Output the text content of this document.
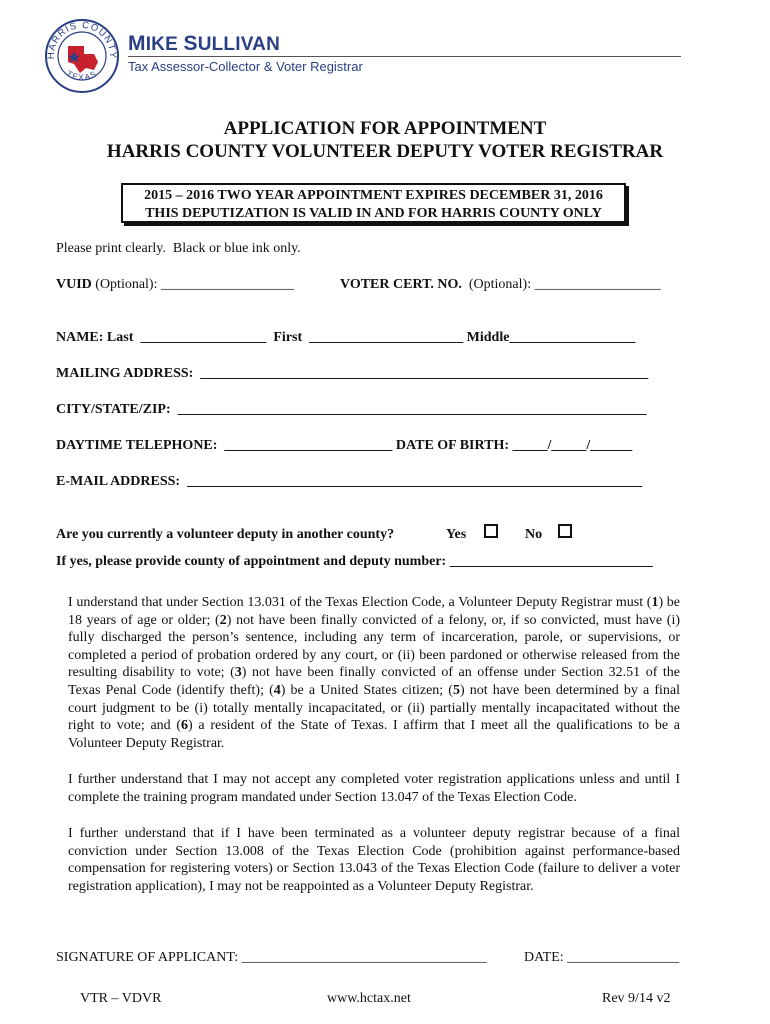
HARRIS COUNTY
TEXAS
MIKE SULLIVAN
Tax Assessor-Collector & Voter Registrar
APPLICATION FOR APPOINTMENT
HARRIS COUNTY VOLUNTEER DEPUTY VOTER REGISTRAR
2015 – 2016 TWO YEAR APPOINTMENT EXPIRES DECEMBER 31, 2016
THIS DEPUTIZATION IS VALID IN AND FOR HARRIS COUNTY ONLY
Please print clearly.  Black or blue ink only.
VUID (Optional): ___________________	VOTER CERT. NO.  (Optional): __________________
NAME: Last  __________________  First  ______________________ Middle__________________
MAILING ADDRESS:  ________________________________________________________________
CITY/STATE/ZIP:  ___________________________________________________________________
DAYTIME TELEPHONE:  ________________________ DATE OF BIRTH: _____/_____/______
E-MAIL ADDRESS:  _________________________________________________________________
Are you currently a volunteer deputy in another county?	Yes	No
If yes, please provide county of appointment and deputy number: _____________________________
I understand that under Section 13.031 of the Texas Election Code, a Volunteer Deputy Registrar must (1) be 18 years of age or older; (2) not have been finally convicted of a felony, or, if so convicted, must have (i) fully discharged the person’s sentence, including any term of incarceration, parole, or supervisions, or completed a period of probation ordered by any court, or (ii) been pardoned or otherwise released from the resulting disability to vote; (3) not have been finally convicted of an offense under Section 32.51 of the Texas Penal Code (identify theft); (4) be a United States citizen; (5) not have been determined by a final court judgment to be (i) totally mentally incapacitated, or (ii) partially mentally incapacitated without the right to vote; and (6) a resident of the State of Texas. I affirm that I meet all the qualifications to be a Volunteer Deputy Registrar.
I further understand that I may not accept any completed voter registration applications unless and until I complete the training program mandated under Section 13.047 of the Texas Election Code.
I further understand that if I have been terminated as a volunteer deputy registrar because of a final conviction under Section 13.008 of the Texas Election Code (prohibition against performance-based compensation for registering voters) or Section 13.043 of the Texas Election Code (failure to deliver a voter registration application), I may not be reappointed as a Volunteer Deputy Registrar.
SIGNATURE OF APPLICANT: ___________________________________	DATE: ________________
VTR – VDVR	www.hctax.net	Rev 9/14 v2
